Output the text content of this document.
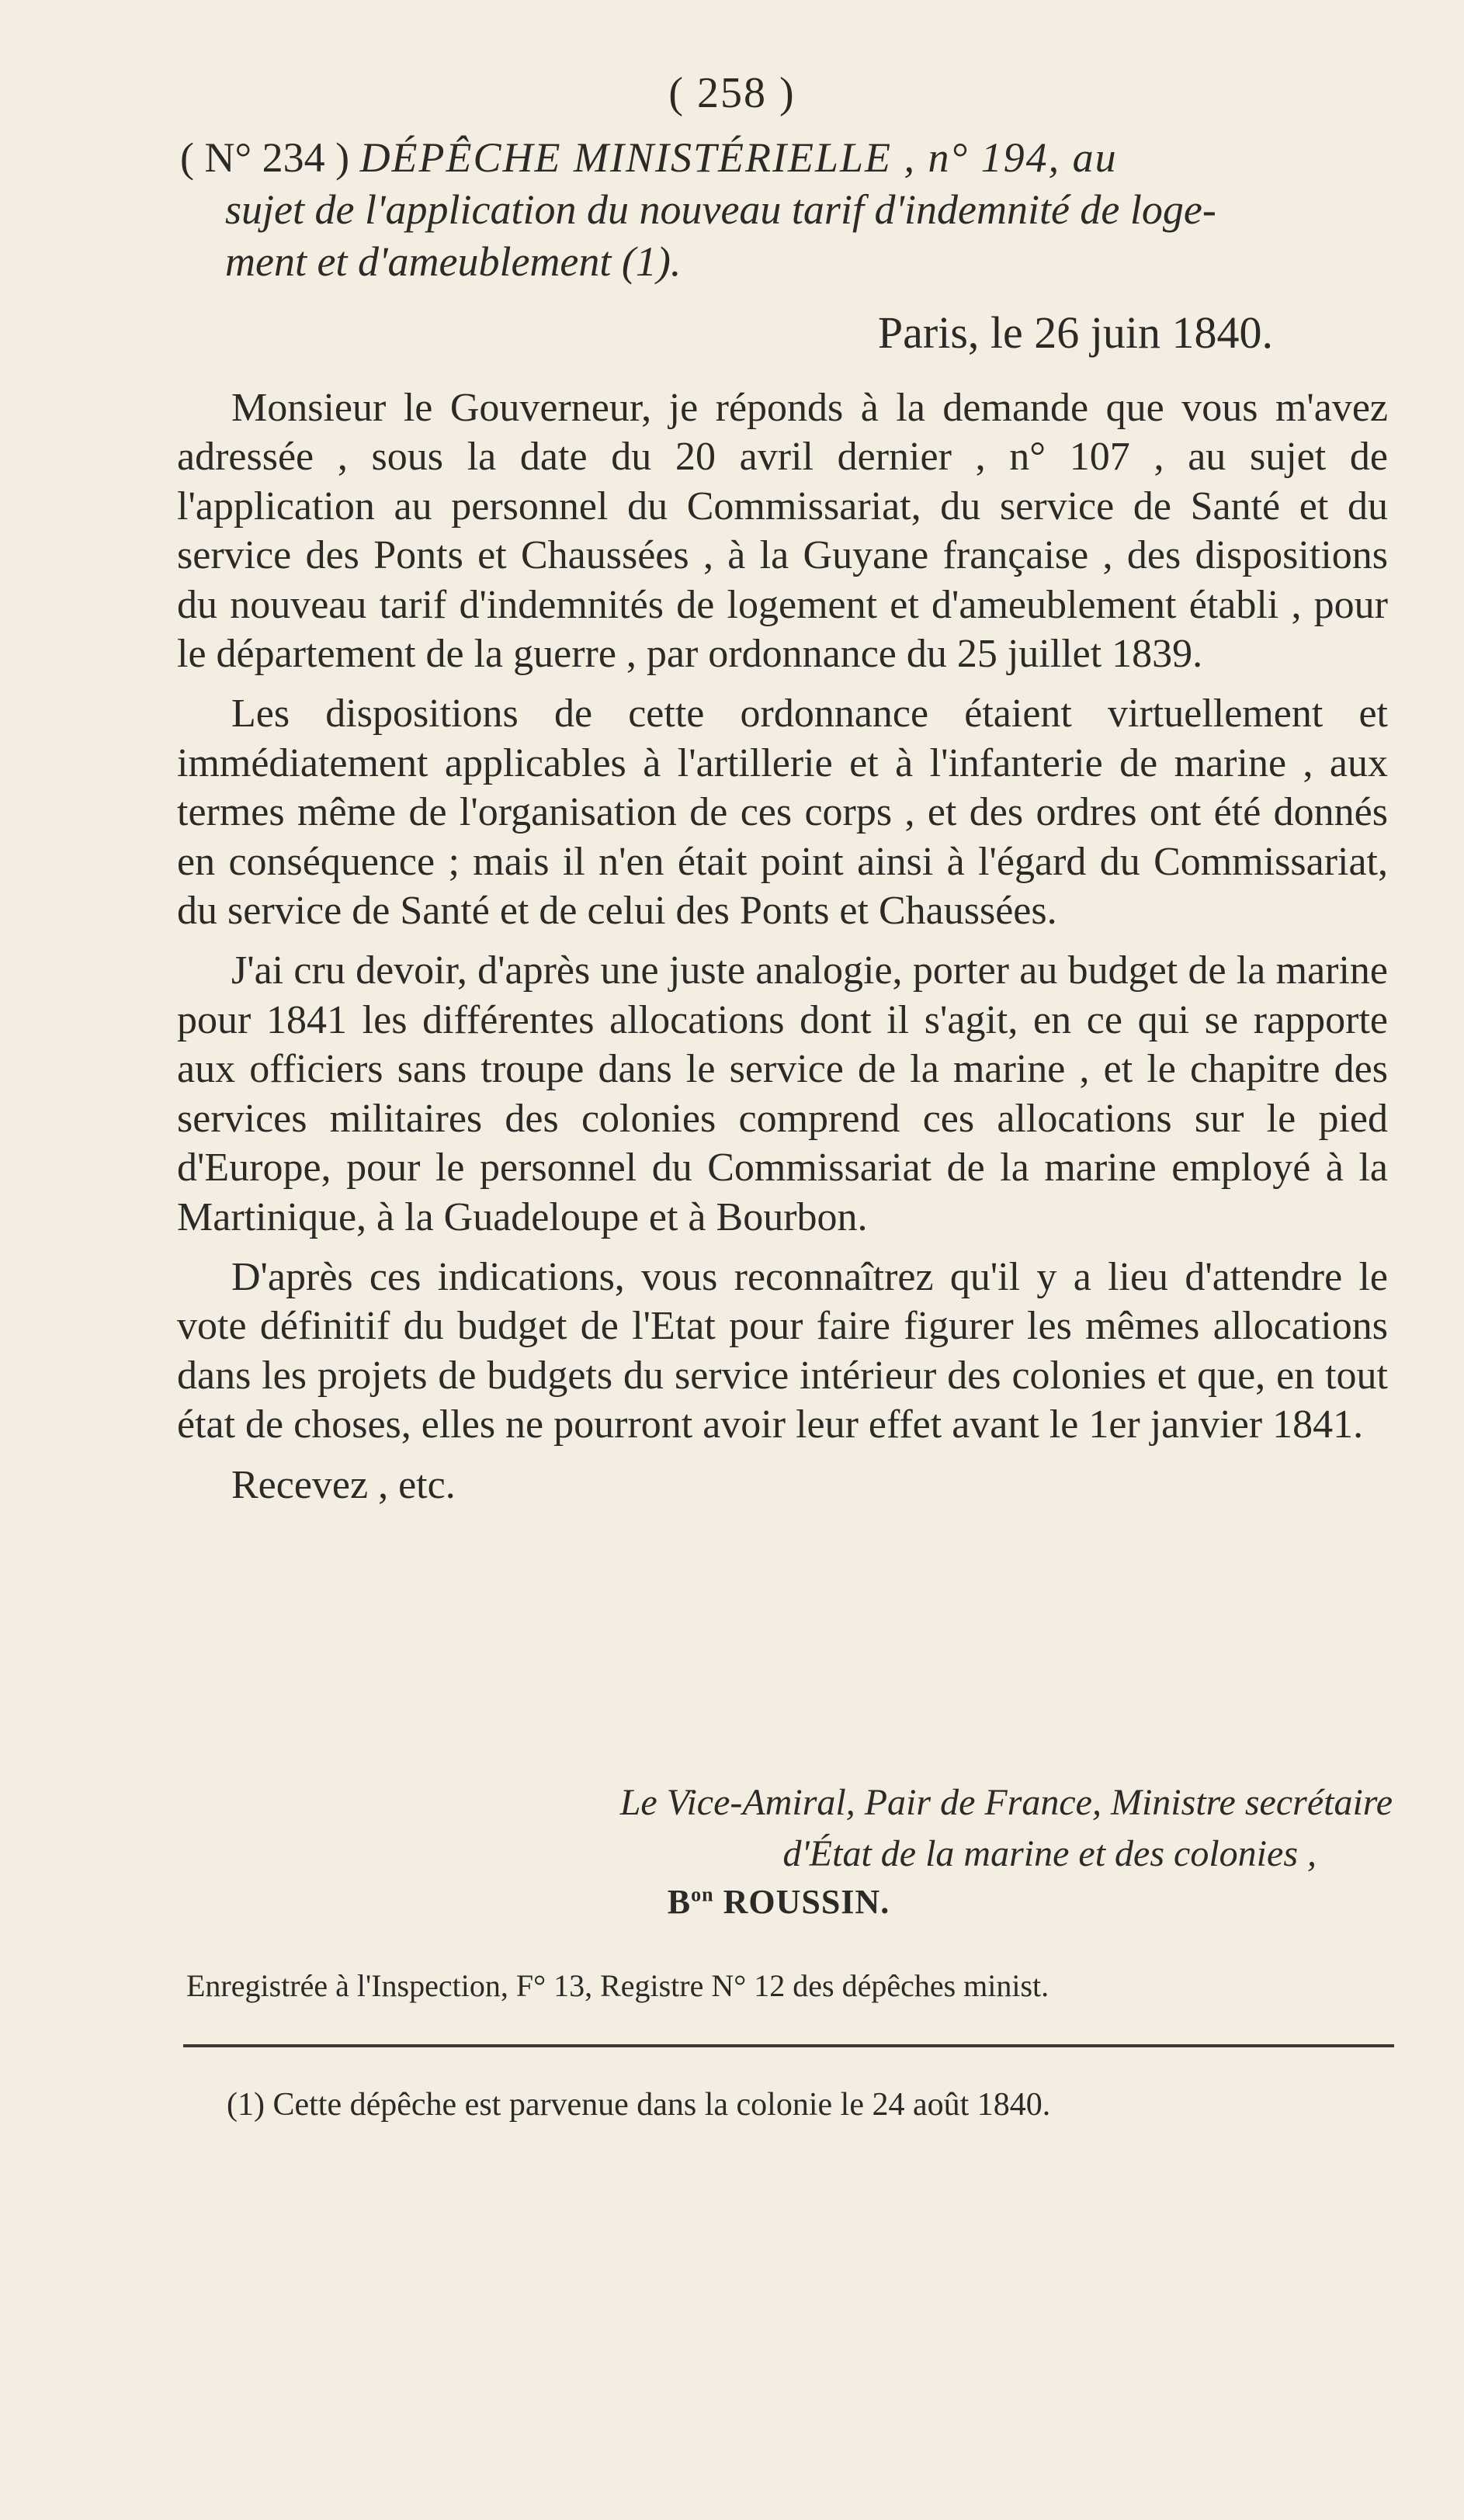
( 258 )
( N° 234 ) DÉPÊCHE MINISTÉRIELLE , n° 194, au
sujet de l'application du nouveau tarif d'indemnité de loge-
ment et d'ameublement (1).
Paris, le 26 juin 1840.

Monsieur le Gouverneur, je réponds à la demande que vous m'avez adressée , sous la date du 20 avril dernier , n° 107 , au sujet de l'application au personnel du Commissariat, du service de Santé et du service des Ponts et Chaussées , à la Guyane française , des dispositions du nouveau tarif d'indemnités de logement et d'ameublement établi , pour le département de la guerre , par ordonnance du 25 juillet 1839.

Les dispositions de cette ordonnance étaient virtuellement et immédiatement applicables à l'artillerie et à l'infanterie de marine , aux termes même de l'organisation de ces corps , et des ordres ont été donnés en conséquence ; mais il n'en était point ainsi à l'égard du Commissariat, du service de Santé et de celui des Ponts et Chaussées.

J'ai cru devoir, d'après une juste analogie, porter au budget de la marine pour 1841 les différentes allocations dont il s'agit, en ce qui se rapporte aux officiers sans troupe dans le service de la marine , et le chapitre des services militaires des colonies comprend ces allocations sur le pied d'Europe, pour le personnel du Commissariat de la marine employé à la Martinique, à la Guadeloupe et à Bourbon.

D'après ces indications, vous reconnaîtrez qu'il y a lieu d'attendre le vote définitif du budget de l'Etat pour faire figurer les mêmes allocations dans les projets de budgets du service intérieur des colonies et que, en tout état de choses, elles ne pourront avoir leur effet avant le 1er janvier 1841.

Recevez , etc.

Le Vice-Amiral, Pair de France, Ministre secrétaire
d'État de la marine et des colonies ,
$B^{on}$ ROUSSIN.
Enregistrée à l'Inspection, F° 13, Registre N° 12 des dépêches minist.
(1) Cette dépêche est parvenue dans la colonie le 24 août 1840.
